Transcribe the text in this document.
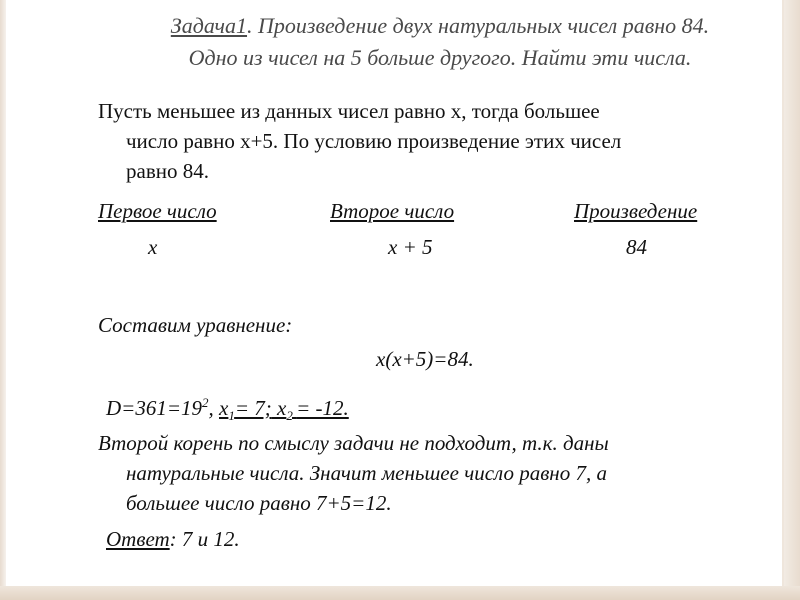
Задача1. Произведение двух натуральных чисел равно 84.
Одно из чисел на 5 больше другого. Найти эти числа.
Пусть меньшее из данных чисел равно х, тогда большее
число равно х+5. По условию произведение этих чисел
равно 84.
Первое число	Второе число	Произведение
х	х + 5	84
Составим уравнение:
х(х+5)=84.
$D=361=19^2$, $x_1= 7$; $x_2 = -12$.
Второй корень по смыслу задачи не подходит, т.к. даны
натуральные числа. Значит меньшее число равно 7, а
большее число равно 7+5=12.
Ответ: 7 и 12.
